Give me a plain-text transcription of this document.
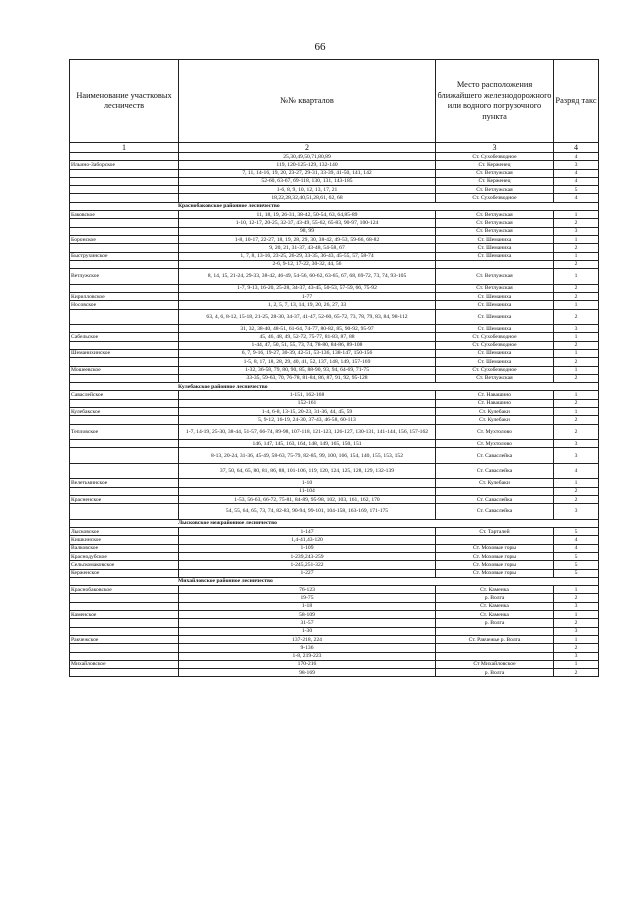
66
Наименование участковых лесничеств	№№ кварталов	Место расположения ближайшего железнодорожного или водного погрузочного пункта	Разряд такс
1	2	3	4
	25,30,49,50,71,80,89	Ст. Сухобезводное	4
Ильино-Заборское	119, 120-125-129, 132-140	Ст. Керженец	3
	7, 11, 14-16, 19, 20, 23-27, 29-31, 33-39, 41-50, 141, 142	Ст. Ветлужская	4
	52-60, 63-67, 69-118, 130, 131, 143-185	Ст. Керженец	4
	1-6, 8, 9, 10, 12, 13, 17, 21	Ст. Ветлужская	5
	18,22,28,32,40,51,28,61, 62, 68	Ст. Сухобезводное	4
Краснобаковское районное лесничество			
Баковское	11, 18, 19, 26-31, 38-42, 50-54, 63, 64,85-89	Ст. Ветлужская	1
	1-10, 12-17, 20-25, 32-37, 43-49, 55-62, 65-83, 90-97, 100-124	Ст. Ветлужская	2
	98, 99	Ст. Ветлужская	3
Боронское	1-8, 10-17, 22-27, 18, 19, 28, 29, 30, 38-42, 49-53, 59-66, 68-82	Ст. Шеманиха	1
	9, 20, 21, 31-37, 43-48, 54-58, 67	Ст. Шеманиха	2
Быструхинское	1, 7, 8, 13-16, 23-25, 26-29, 33-35, 36-43, 45-55, 57, 58-74	Ст. Шеманиха	1
	2-6, 9-12, 17-22, 30-32, 44, 56		2
Ветлужское	8, 14, 15, 21-24, 29-33, 38-42, 46-49, 54-56, 60-62, 63-65, 67, 68, 69-72, 73, 74, 93-105	Ст. Ветлужская	1
	1-7, 9-13, 16-20, 25-28, 34-37, 43-45, 50-53, 57-59, 66, 75-92	Ст. Ветлужская	2
Кирилловское	1-77	Ст. Шеманиха	2
Носовское	1, 2, 5, 7, 13, 14, 19, 20, 26, 27, 33	Ст. Шеманиха	1
	63, 4, 6, 8-12, 15-18, 21-25, 28-30, 34-37, 41-47, 52-60, 65-72, 73, 78, 79, 83, 84, 98-112	Ст. Шеманиха	2
	31, 32, 38-40, 48-51, 61-64, 74-77, 80-82, 85, 90-92, 95-97	Ст. Шеманиха	3
Сабельское	45, 46, 48, 49, 52-72, 75-77, 81-83, 87, 88	Ст. Сухобезводное	1
	1-44, 47, 50, 51, 55, 73, 74, 78-80, 84-86, 89-108	Ст. Сухобезводное	2
Шеманихинское	6, 7, 9-16, 19-27, 30-39, 42-51, 53-136, 138-147, 150-156	Ст. Шеманиха	1
	1-5, 8, 17, 18, 28, 29, 40, 41, 52, 137, 148, 149, 157-169	Ст. Шеманиха	2
Мошеевское	1-32, 36-58, 79, 80, 90, 85, 88-90, 93, 94, 64-69, 71-75	Ст. Сухобезводное	1
	33-35, 59-63, 70, 76-78, 81-84, 86, 87, 91, 92, 95-128	Ст. Ветлужская	2
Кулебакское районное лесничество			
Саваслейское	1-151, 162-168	Ст. Навашино	1
	152-161	Ст. Навашино	2
Кулебакское	1-4, 6-8, 13-15, 20-23, 31-36, 44, 45, 59	Ст. Кулебаки	1
	5, 9-12, 16-19, 24-30, 37-43, 46-58, 60-113	Ст. Кулебаки	2
Тепловское	1-7, 14-19, 25-30, 38-44, 51-57, 66-74, 89-98, 107-118, 121-123, 126-127, 130-131, 141-144, 156, 157-162	Ст. Мухтолово	2
	146, 147, 145, 163, 164, 148, 149, 165, 150, 151	Ст. Мухтолово	3
	8-13, 20-24, 31-36, 45-49, 58-63, 75-79, 82-85, 99, 100, 166, 154, 140, 155, 153, 152	Ст. Саваслейка	3
	37, 50, 64, 65, 80, 81, 86, 88, 101-106, 119, 120, 124, 125, 128, 129, 132-139	Ст. Саваслейка	4
Велетьминское	1-10	Ст. Кулебаки	1
	11-104		2
Красненское	1-53, 56-63, 66-72, 75-81, 84-89, 95-98, 102, 103, 161, 162, 170	Ст. Саваслейка	2
	54, 55, 64, 65, 73, 74, 82-83, 90-94, 99-101, 104-158, 163-169, 171-175	Ст. Саваслейка	3
Лысковское межрайонное лесничество			
Лысковское	1-147	Ст. Тарталей	5
Кишкинское	1,4-41,43-120		4
Валковское	1-109	Ст. Моховые горы	4
Краснодубское	1-239,243-259	Ст. Моховые горы	5
Сельскомаковское	1-245,251-322	Ст. Моховые горы	5
Керженское	1-227	Ст. Моховые горы	5
Михайловское районное лесничество			
Краснобаковское	76-123	Ст. Каменка	1
	19-75	р. Волга	2
	1-18	Ст. Каменка	3
Каменское	58-109	Ст. Каменка	1
	31-57	р. Волга	2
	1-30		3
Ракчежское	137-218, 224	Ст. Ракчежье р. Волга	1
	9-136		2
	1-8, 219-223		3
Михайловское	170-216	Ст Михайловское	1
	98-169	р. Волга	2
